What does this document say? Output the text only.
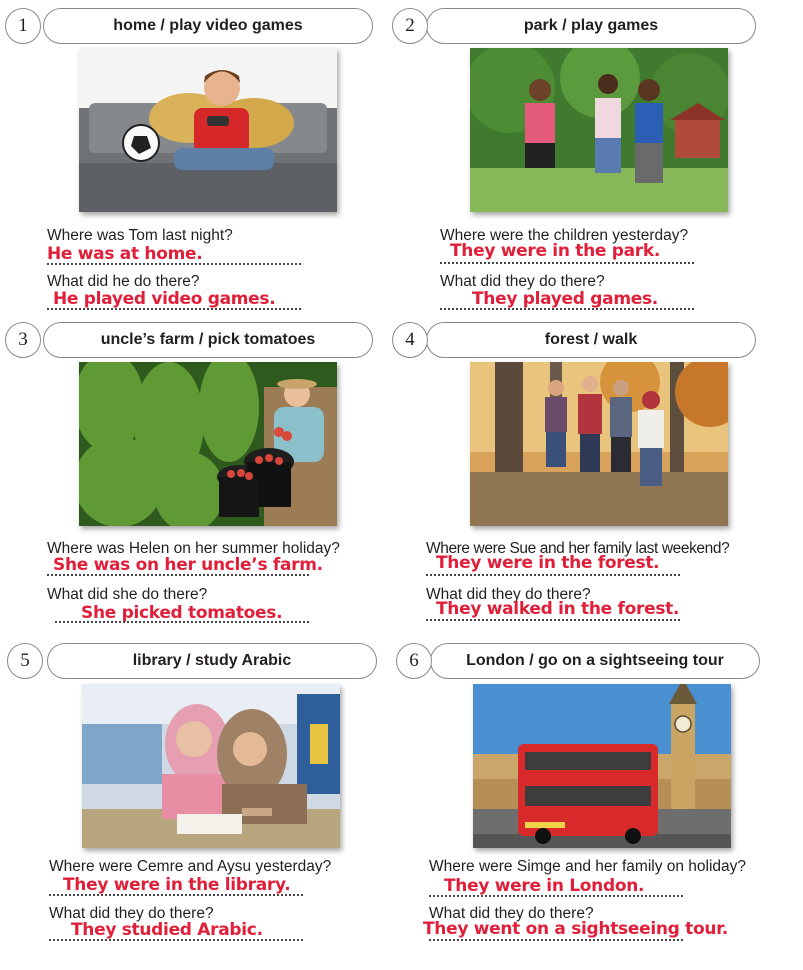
1	home / play video games
Where was Tom last night?
He was at home.
What did he do there?
He played video games.
2	park / play games
Where were the children yesterday?
They were in the park.
What did they do there?
They played games.
3	uncle’s farm / pick tomatoes
Where was Helen on her summer holiday?
She was on her uncle’s farm.
What did she do there?
She picked tomatoes.
4	forest / walk
Where were Sue and her family last weekend?
They were in the forest.
What did they do there?
They walked in the forest.
5	library / study Arabic
Where were Cemre and Aysu yesterday?
They were in the library.
What did they do there?
They studied Arabic.
6	London / go on a sightseeing tour
Where were Simge and her family on holiday?
They were in London.
What did they do there?
They went on a sightseeing tour.
